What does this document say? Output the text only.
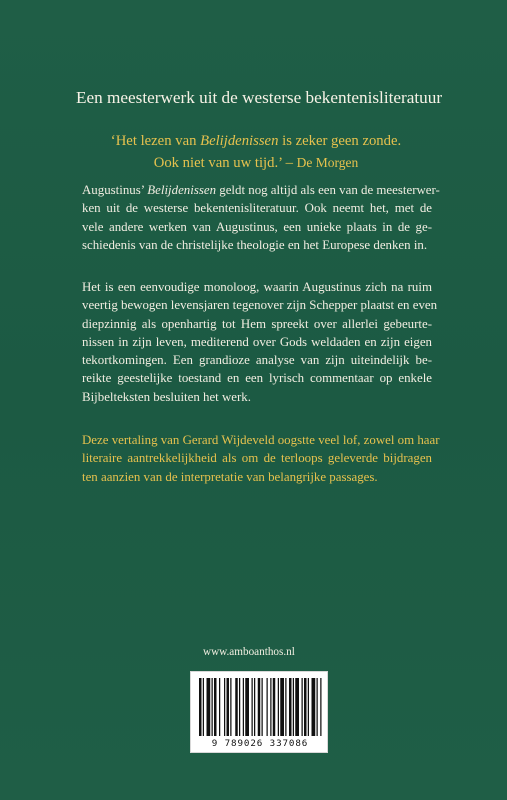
Een meesterwerk uit de westerse bekentenisliteratuur
‘Het lezen van Belijdenissen is zeker geen zonde.
Ook niet van uw tijd.’ – De Morgen
Augustinus’ Belijdenissen geldt nog altijd als een van de meesterwer-
ken uit de westerse bekentenisliteratuur. Ook neemt het, met de
vele andere werken van Augustinus, een unieke plaats in de ge-
schiedenis van de christelijke theologie en het Europese denken in.
Het is een eenvoudige monoloog, waarin Augustinus zich na ruim
veertig bewogen levensjaren tegenover zijn Schepper plaatst en even
diepzinnig als openhartig tot Hem spreekt over allerlei gebeurte-
nissen in zijn leven, mediterend over Gods weldaden en zijn eigen
tekortkomingen. Een grandioze analyse van zijn uiteindelijk be-
reikte geestelijke toestand en een lyrisch commentaar op enkele
Bijbelteksten besluiten het werk.
Deze vertaling van Gerard Wijdeveld oogstte veel lof, zowel om haar
literaire aantrekkelijkheid als om de terloops geleverde bijdragen
ten aanzien van de interpretatie van belangrijke passages.
www.amboanthos.nl
9 789026 337086
